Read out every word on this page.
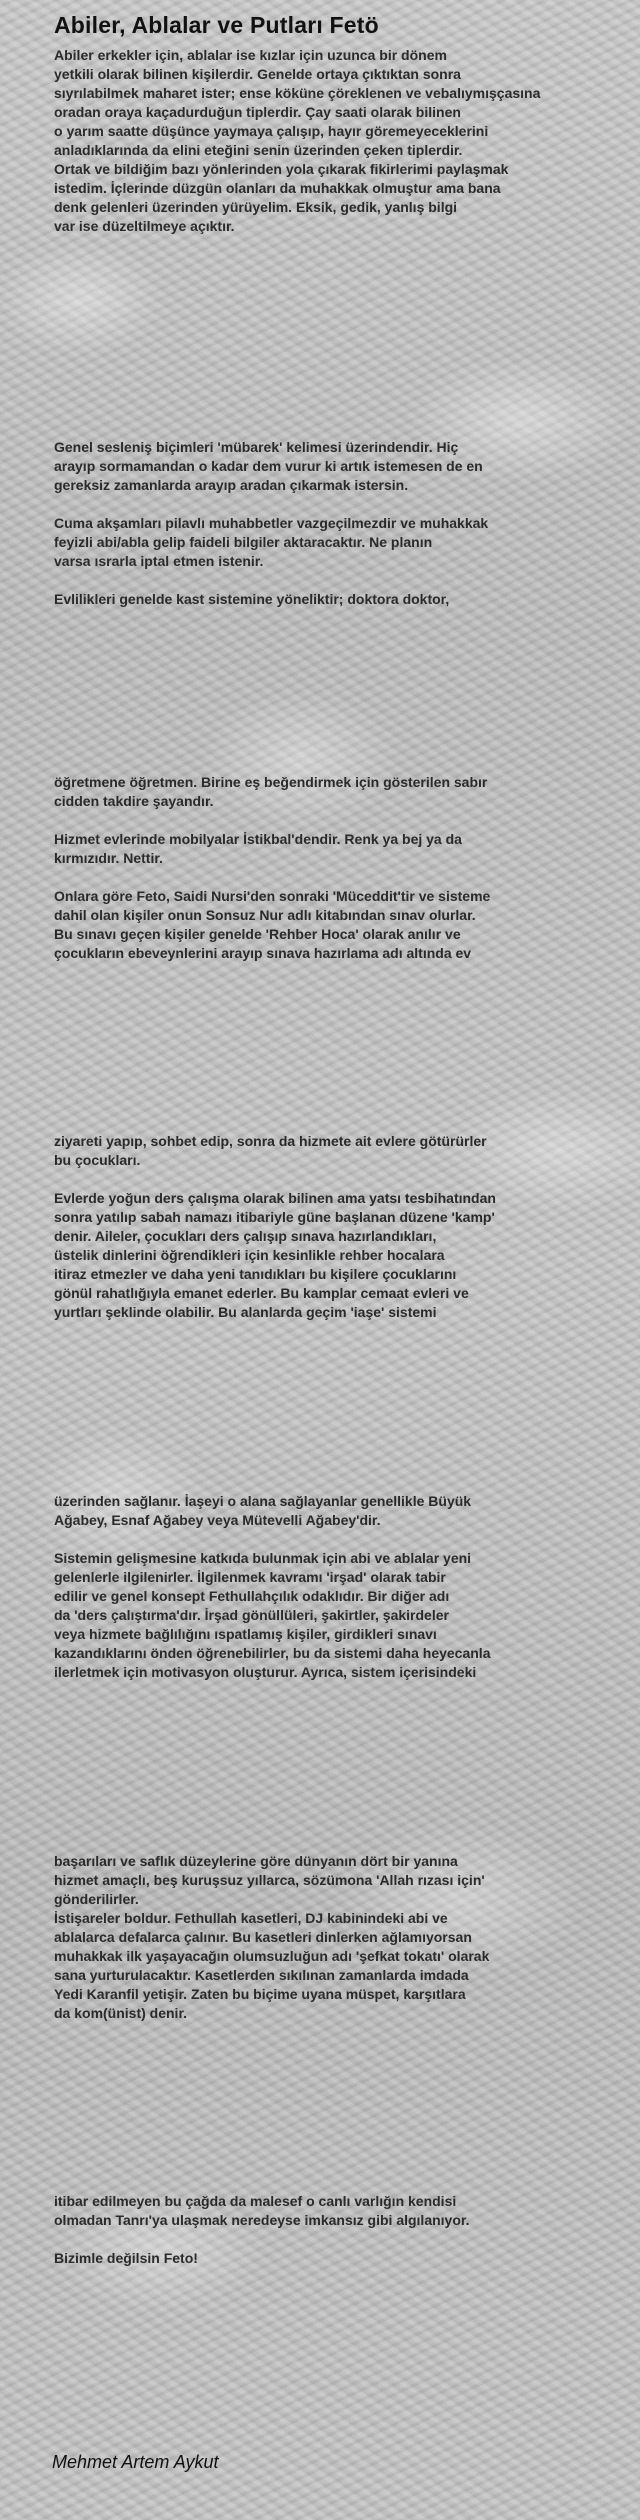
Abiler, Ablalar ve Putları Fetö
Abiler erkekler için, ablalar ise kızlar için uzunca bir dönem
yetkili olarak bilinen kişilerdir. Genelde ortaya çıktıktan sonra
sıyrılabilmek maharet ister; ense köküne çöreklenen ve vebalıymışçasına
oradan oraya kaçadurduğun tiplerdir. Çay saati olarak bilinen
o yarım saatte düşünce yaymaya çalışıp, hayır göremeyeceklerini
anladıklarında da elini eteğini senin üzerinden çeken tiplerdir.
Ortak ve bildiğim bazı yönlerinden yola çıkarak fikirlerimi paylaşmak
istedim. İçlerinde düzgün olanları da muhakkak olmuştur ama bana
denk gelenleri üzerinden yürüyelim. Eksik, gedik, yanlış bilgi
var ise düzeltilmeye açıktır.
Genel sesleniş biçimleri 'mübarek' kelimesi üzerindendir. Hiç
arayıp sormamandan o kadar dem vurur ki artık istemesen de en
gereksiz zamanlarda arayıp aradan çıkarmak istersin.
Cuma akşamları pilavlı muhabbetler vazgeçilmezdir ve muhakkak
feyizli abi/abla gelip faideli bilgiler aktaracaktır. Ne planın
varsa ısrarla iptal etmen istenir.
Evlilikleri genelde kast sistemine yöneliktir; doktora doktor,
öğretmene öğretmen. Birine eş beğendirmek için gösterilen sabır
cidden takdire şayandır.
Hizmet evlerinde mobilyalar İstikbal'dendir. Renk ya bej ya da
kırmızıdır. Nettir.
Onlara göre Feto, Saidi Nursi'den sonraki 'Müceddit'tir ve sisteme
dahil olan kişiler onun Sonsuz Nur adlı kitabından sınav olurlar.
Bu sınavı geçen kişiler genelde 'Rehber Hoca' olarak anılır ve
çocukların ebeveynlerini arayıp sınava hazırlama adı altında ev
ziyareti yapıp, sohbet edip, sonra da hizmete ait evlere götürürler
bu çocukları.
Evlerde yoğun ders çalışma olarak bilinen ama yatsı tesbihatından
sonra yatılıp sabah namazı itibariyle güne başlanan düzene 'kamp'
denir. Aileler, çocukları ders çalışıp sınava hazırlandıkları,
üstelik dinlerini öğrendikleri için kesinlikle rehber hocalara
itiraz etmezler ve daha yeni tanıdıkları bu kişilere çocuklarını
gönül rahatlığıyla emanet ederler. Bu kamplar cemaat evleri ve
yurtları şeklinde olabilir. Bu alanlarda geçim 'iaşe' sistemi
üzerinden sağlanır. İaşeyi o alana sağlayanlar genellikle Büyük
Ağabey, Esnaf Ağabey veya Mütevelli Ağabey'dir.
Sistemin gelişmesine katkıda bulunmak için abi ve ablalar yeni
gelenlerle ilgilenirler. İlgilenmek kavramı 'irşad' olarak tabir
edilir ve genel konsept Fethullahçılık odaklıdır. Bir diğer adı
da 'ders çalıştırma'dır. İrşad gönüllüleri, şakirtler, şakirdeler
veya hizmete bağlılığını ıspatlamış kişiler, girdikleri sınavı
kazandıklarını önden öğrenebilirler, bu da sistemi daha heyecanla
ilerletmek için motivasyon oluşturur. Ayrıca, sistem içerisindeki
başarıları ve saflık düzeylerine göre dünyanın dört bir yanına
hizmet amaçlı, beş kuruşsuz yıllarca, sözümona 'Allah rızası için'
gönderilirler.
İstişareler boldur. Fethullah kasetleri, DJ kabinindeki abi ve
ablalarca defalarca çalınır. Bu kasetleri dinlerken ağlamıyorsan
muhakkak ilk yaşayacağın olumsuzluğun adı 'şefkat tokatı' olarak
sana yurturulacaktır. Kasetlerden sıkılınan zamanlarda imdada
Yedi Karanfil yetişir. Zaten bu biçime uyana müspet, karşıtlara
da kom(ünist) denir.
itibar edilmeyen bu çağda da malesef o canlı varlığın kendisi
olmadan Tanrı'ya ulaşmak neredeyse imkansız gibi algılanıyor.
Bizimle değilsin Feto!
Mehmet Artem Aykut
